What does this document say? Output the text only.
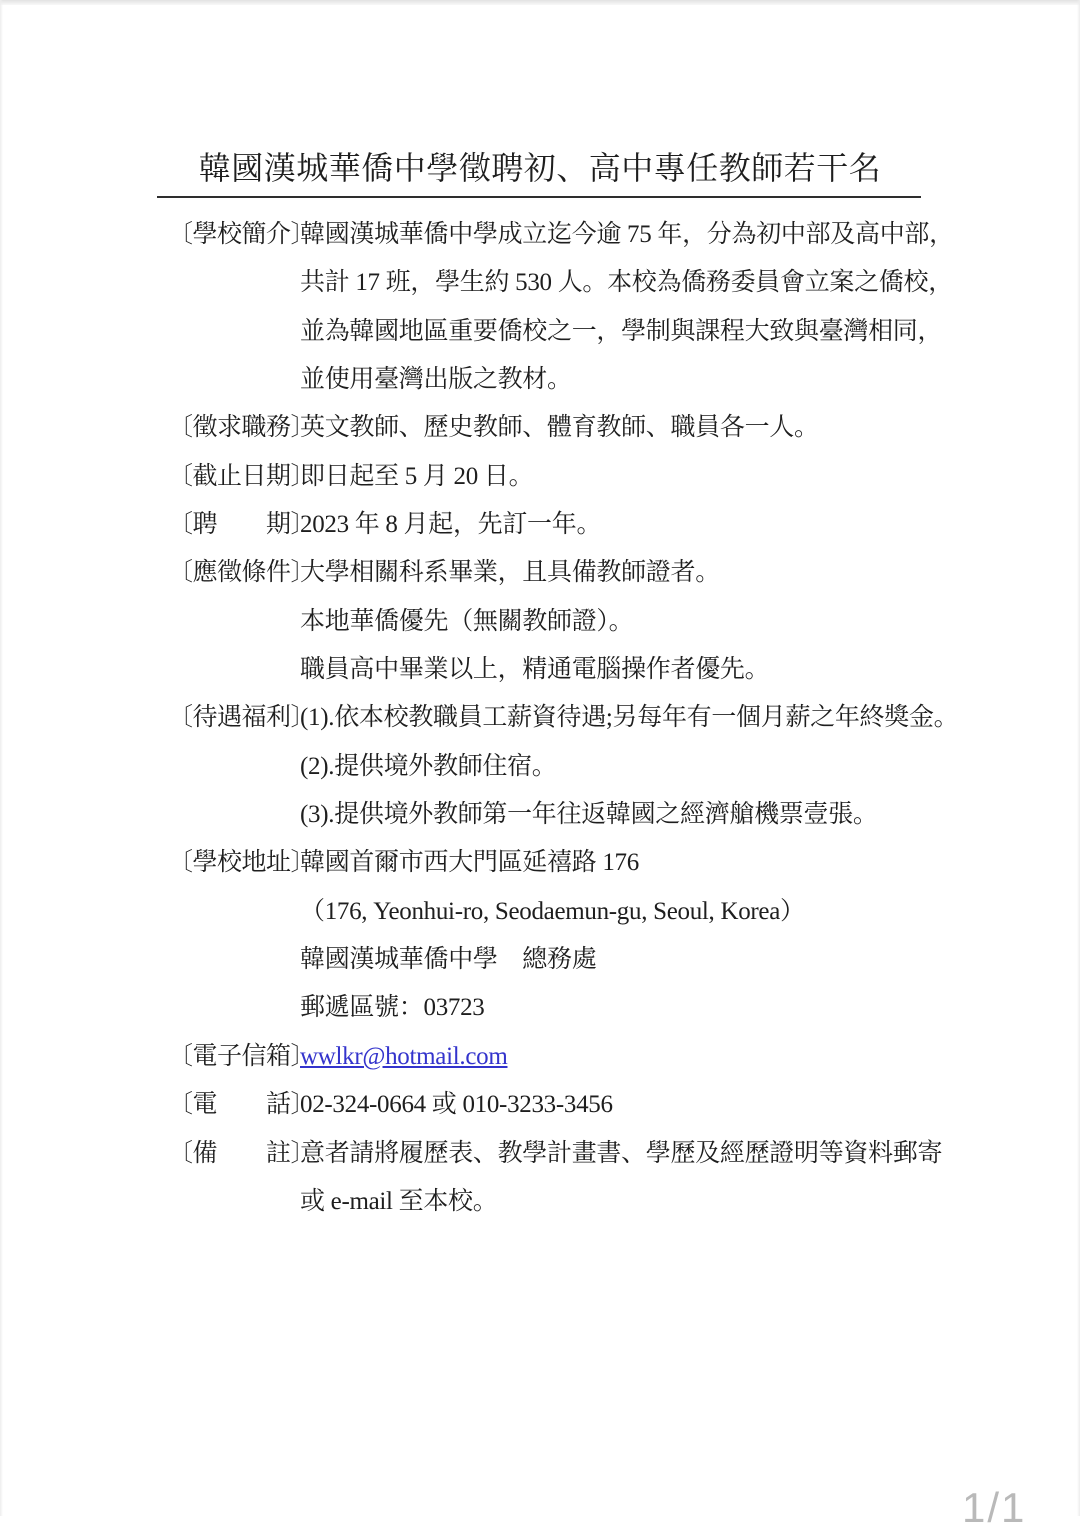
韓國漢城華僑中學徵聘初、高中專任教師若干名
〔學校簡介〕韓國漢城華僑中學成立迄今逾 75 年，分為初中部及高中部，
共計 17 班，學生約 530 人。本校為僑務委員會立案之僑校，
並為韓國地區重要僑校之一，學制與課程大致與臺灣相同，
並使用臺灣出版之教材。
〔徵求職務〕英文教師、歷史教師、體育教師、職員各一人。
〔截止日期〕即日起至 5 月 20 日。
〔聘　　期〕2023 年 8 月起，先訂一年。
〔應徵條件〕大學相關科系畢業，且具備教師證者。
本地華僑優先（無關教師證）。
職員高中畢業以上，精通電腦操作者優先。
〔待遇福利〕(1).依本校教職員工薪資待遇;另每年有一個月薪之年終獎金。
(2).提供境外教師住宿。
(3).提供境外教師第一年往返韓國之經濟艙機票壹張。
〔學校地址〕韓國首爾市西大門區延禧路 176
（176, Yeonhui-ro, Seodaemun-gu, Seoul, Korea）
韓國漢城華僑中學　總務處
郵遞區號：03723
〔電子信箱〕wwlkr@hotmail.com
〔電　　話〕02-324-0664 或 010-3233-3456
〔備　　註〕意者請將履歷表、教學計畫書、學歷及經歷證明等資料郵寄
或 e-mail 至本校。
1/1
